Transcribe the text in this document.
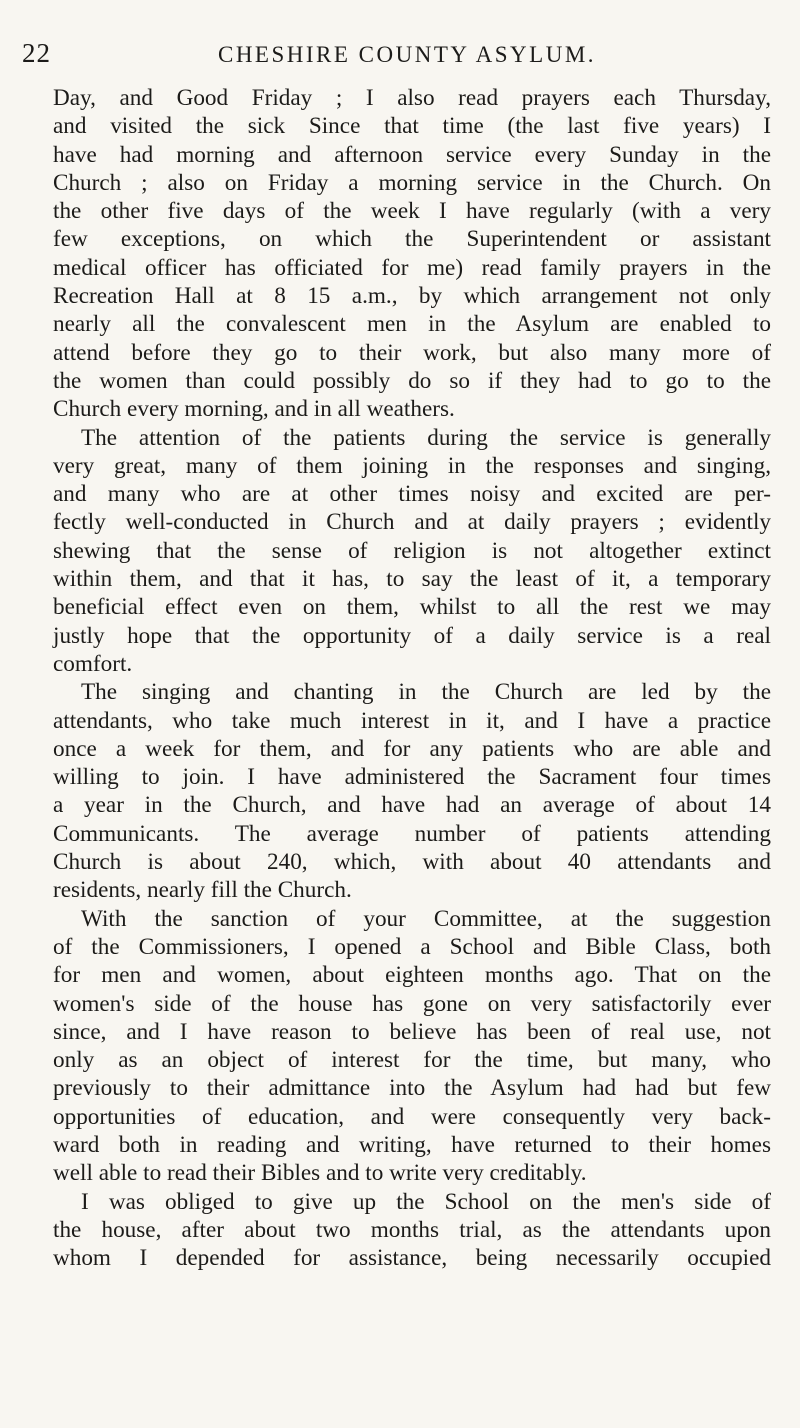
22	CHESHIRE COUNTY ASYLUM.

Day, and Good Friday ; I also read prayers each Thursday,
and visited the sick Since that time (the last five years) I
have had morning and afternoon service every Sunday in the
Church ; also on Friday a morning service in the Church. On
the other five days of the week I have regularly (with a very
few exceptions, on which the Superintendent or assistant
medical officer has officiated for me) read family prayers in the
Recreation Hall at 8 15 a.m., by which arrangement not only
nearly all the convalescent men in the Asylum are enabled to
attend before they go to their work, but also many more of
the women than could possibly do so if they had to go to the
Church every morning, and in all weathers.

The attention of the patients during the service is generally
very great, many of them joining in the responses and singing,
and many who are at other times noisy and excited are per-
fectly well-conducted in Church and at daily prayers ; evidently
shewing that the sense of religion is not altogether extinct
within them, and that it has, to say the least of it, a temporary
beneficial effect even on them, whilst to all the rest we may
justly hope that the opportunity of a daily service is a real
comfort.

The singing and chanting in the Church are led by the
attendants, who take much interest in it, and I have a practice
once a week for them, and for any patients who are able and
willing to join. I have administered the Sacrament four times
a year in the Church, and have had an average of about 14
Communicants. The average number of patients attending
Church is about 240, which, with about 40 attendants and
residents, nearly fill the Church.

With the sanction of your Committee, at the suggestion
of the Commissioners, I opened a School and Bible Class, both
for men and women, about eighteen months ago. That on the
women's side of the house has gone on very satisfactorily ever
since, and I have reason to believe has been of real use, not
only as an object of interest for the time, but many, who
previously to their admittance into the Asylum had had but few
opportunities of education, and were consequently very back-
ward both in reading and writing, have returned to their homes
well able to read their Bibles and to write very creditably.

I was obliged to give up the School on the men's side of
the house, after about two months trial, as the attendants upon
whom I depended for assistance, being necessarily occupied
